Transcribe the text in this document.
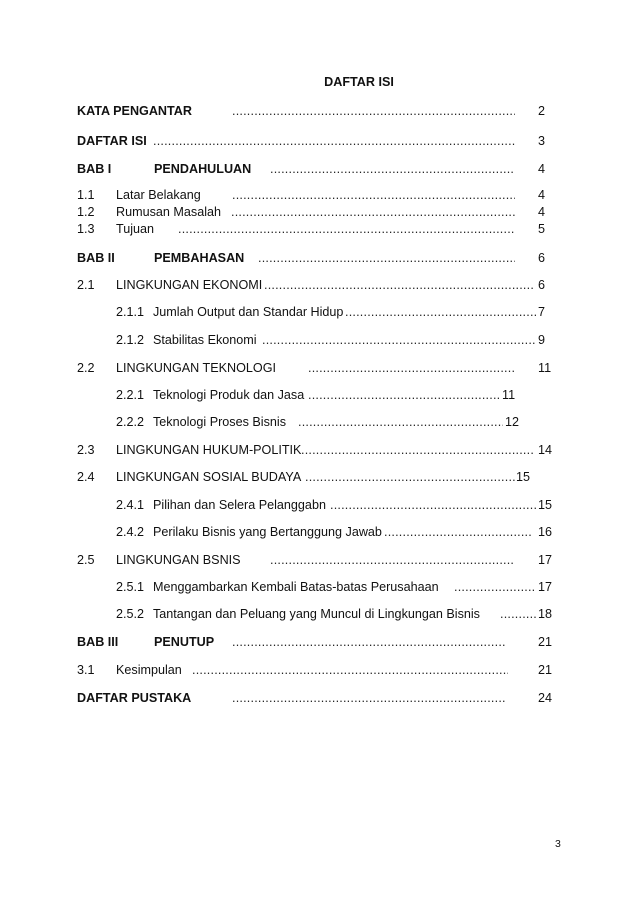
DAFTAR ISI
KATA PENGANTAR .....	2
DAFTAR ISI .....	3
BAB I	PENDAHULUAN .....	4
1.1 Latar Belakang .....	4
1.2 Rumusan Masalah .....	4
1.3 Tujuan .....	5
BAB II	PEMBAHASAN .....	6
2.1 LINGKUNGAN EKONOMI .....	6
2.1.1 Jumlah Output dan Standar Hidup .....	7
2.1.2 Stabilitas Ekonomi .....	9
2.2 LINGKUNGAN TEKNOLOGI .....	11
2.2.1 Teknologi Produk dan Jasa .....	11
2.2.2 Teknologi Proses Bisnis .....	12
2.3 LINGKUNGAN HUKUM-POLITIK .....	14
2.4 LINGKUNGAN SOSIAL BUDAYA .....	15
2.4.1 Pilihan dan Selera Pelanggabn .....	15
2.4.2 Perilaku Bisnis yang Bertanggung Jawab .....	16
2.5 LINGKUNGAN BSNIS .....	17
2.5.1 Menggambarkan Kembali Batas-batas Perusahaan .....	17
2.5.2 Tantangan dan Peluang yang Muncul di Lingkungan Bisnis .....	18
BAB III	PENUTUP .....	21
3.1 Kesimpulan .....	21
DAFTAR PUSTAKA .....	24
3
